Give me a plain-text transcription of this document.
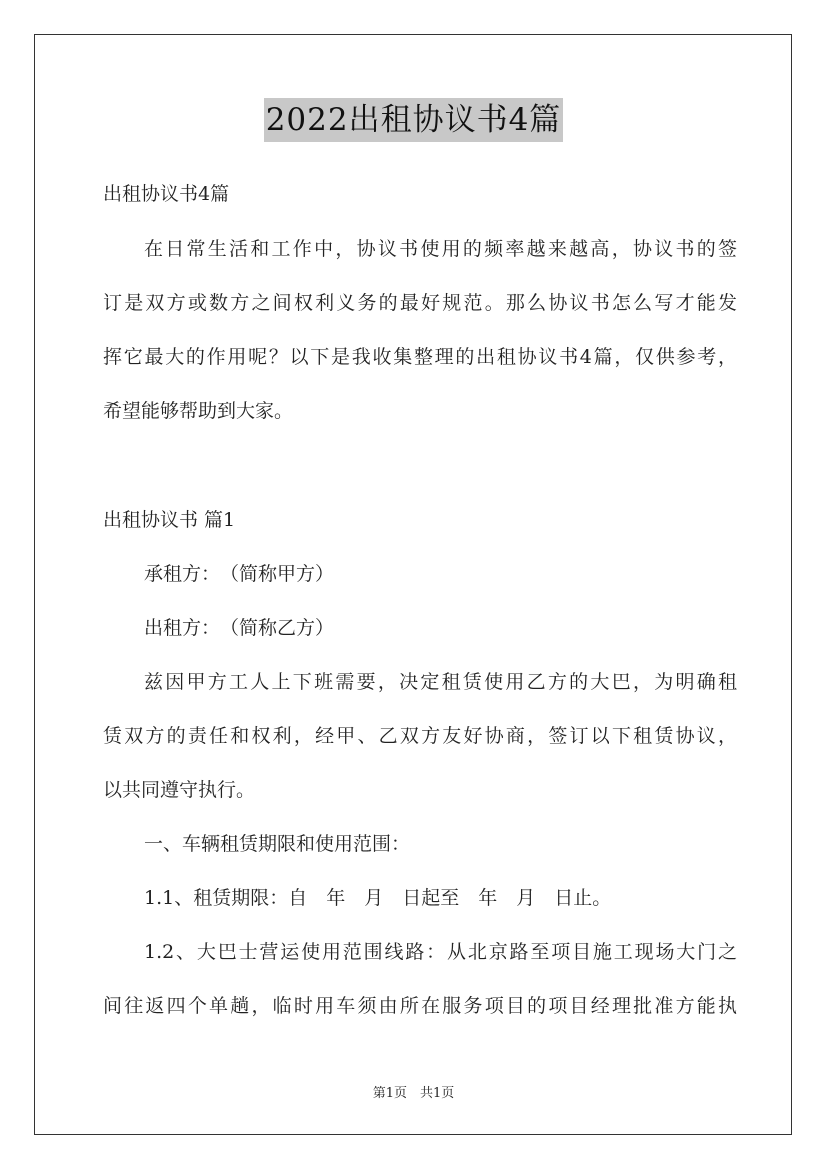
2022出租协议书4篇
出租协议书4篇
在日常生活和工作中，协议书使用的频率越来越高，协议书的签
订是双方或数方之间权利义务的最好规范。那么协议书怎么写才能发
挥它最大的作用呢？以下是我收集整理的出租协议书4篇，仅供参考，
希望能够帮助到大家。
出租协议书 篇1
承租方：　（简称甲方）
出租方：　（简称乙方）
兹因甲方工人上下班需要，决定租赁使用乙方的大巴，为明确租
赁双方的责任和权利，经甲、乙双方友好协商，签订以下租赁协议，
以共同遵守执行。
一、车辆租赁期限和使用范围：
1.1、租赁期限：自　年　月　日起至　年　月　日止。
1.2、大巴士营运使用范围线路：从北京路至项目施工现场大门之
间往返四个单趟，临时用车须由所在服务项目的项目经理批准方能执
第1页　共1页
